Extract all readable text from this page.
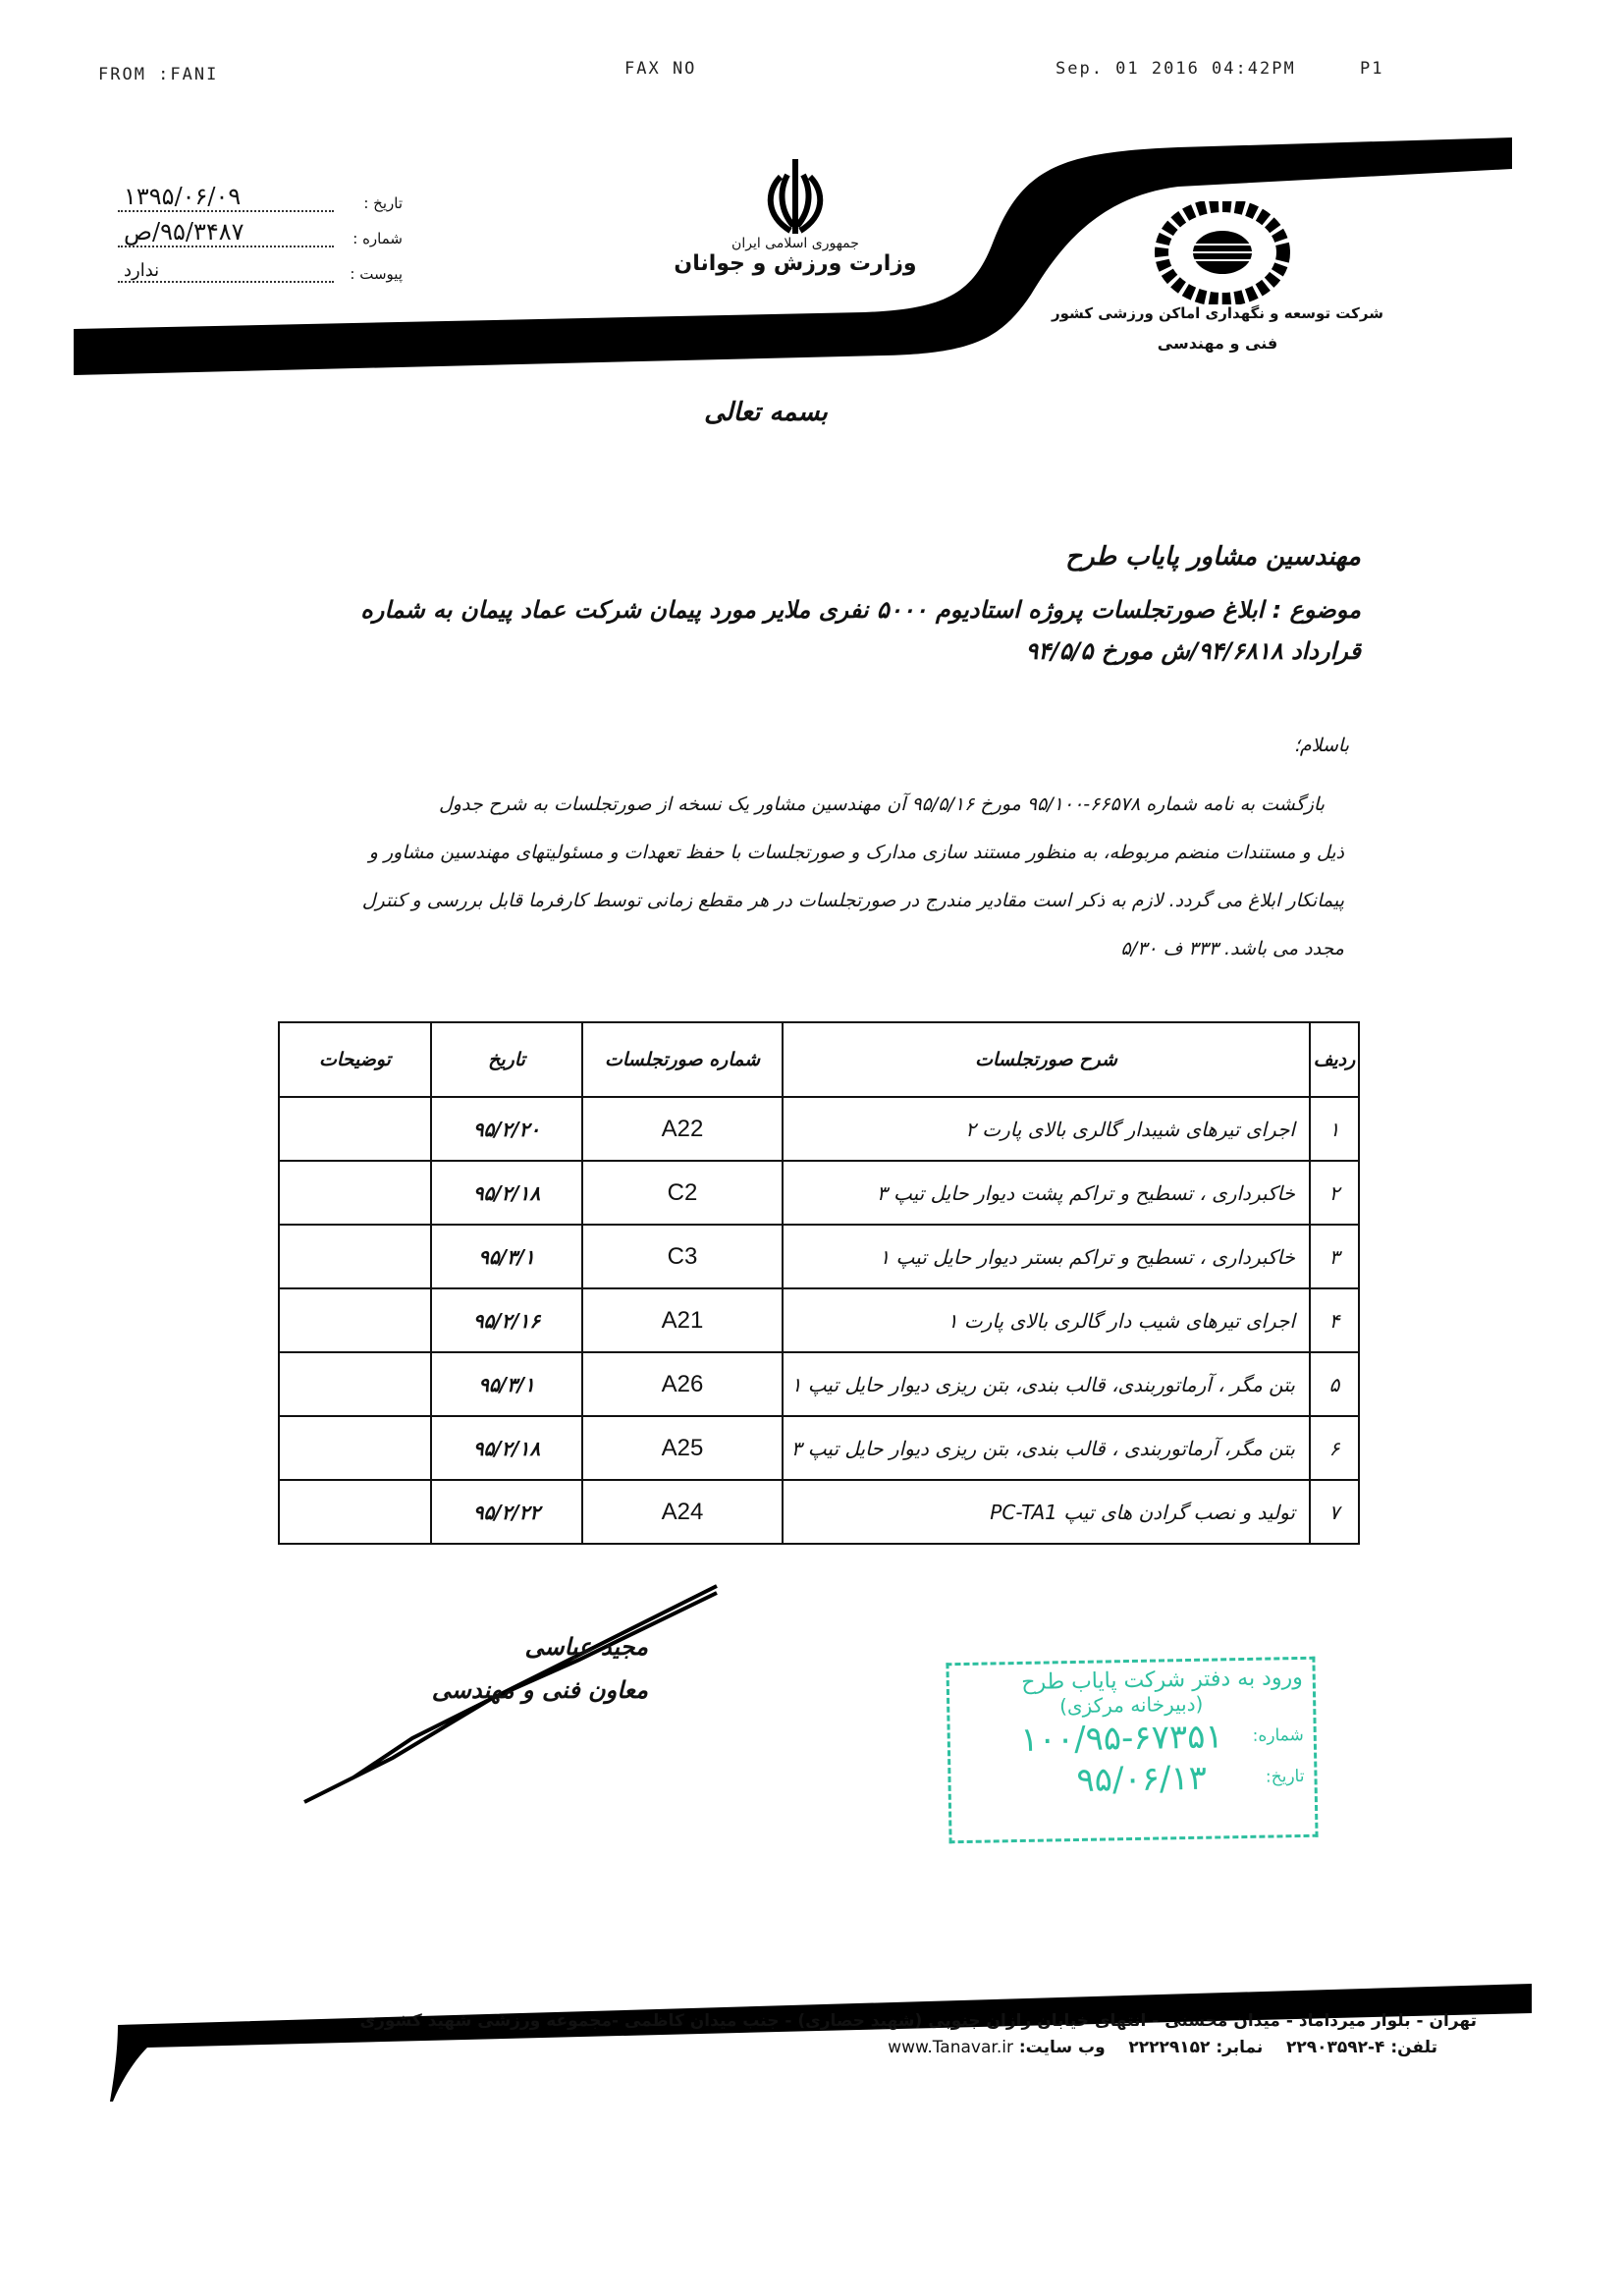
FROM :FANI	FAX NO	Sep. 01 2016 04:42PM	P1
تاریخ :
۱۳۹۵/۰۶/۰۹
شماره :
۹۵/۳۴۸۷/ص
پیوست :
ندارد
جمهوری اسلامی ایران
وزارت ورزش و جوانان
شرکت توسعه و نگهداری اماکن ورزشی کشور
فنی و مهندسی
بسمه تعالی
مهندسین مشاور پایاب طرح
موضوع : ابلاغ صورتجلسات پروژه استادیوم ۵۰۰۰ نفری ملایر مورد پیمان شرکت عماد پیمان به شماره
قرارداد ۹۴/۶۸۱۸/ش مورخ ۹۴/۵/۵
باسلام؛
بازگشت به نامه شماره ۶۶۵۷۸-۹۵/۱۰۰ مورخ ۹۵/۵/۱۶ آن مهندسین مشاور یک نسخه از صورتجلسات به شرح جدول
ذیل و مستندات منضم مربوطه، به منظور مستند سازی مدارک و صورتجلسات با حفظ تعهدات و مسئولیتهای مهندسین مشاور و
پیمانکار ابلاغ می گردد. لازم به ذکر است مقادیر مندرج در صورتجلسات در هر مقطع زمانی توسط کارفرما قابل بررسی و کنترل
مجدد می باشد. ۳۳۳ ف ۵/۳۰
ردیف	شرح صورتجلسات	شماره صورتجلسات	تاریخ	توضیحات
۱	اجرای تیرهای شیبدار گالری بالای پارت ۲	A22	۹۵/۲/۲۰	
۲	خاکبرداری ، تسطیح و تراکم پشت دیوار حایل تیپ ۳	C2	۹۵/۲/۱۸	
۳	خاکبرداری ، تسطیح و تراکم بستر دیوار حایل تیپ ۱	C3	۹۵/۳/۱	
۴	اجرای تیرهای شیب دار گالری بالای پارت ۱	A21	۹۵/۲/۱۶	
۵	بتن مگر ، آرماتوربندی، قالب بندی، بتن ریزی دیوار حایل تیپ ۱	A26	۹۵/۳/۱	
۶	بتن مگر، آرماتوربندی ، قالب بندی، بتن ریزی دیوار حایل تیپ ۳	A25	۹۵/۲/۱۸	
۷	تولید و نصب گرادن های تیپ PC-TA1	A24	۹۵/۲/۲۲	
مجید عباسی
معاون فنی و مهندسی	ورود به دفتر شرکت پایاب طرح
(دبیرخانه مرکزی)
شماره:
۱۰۰/۹۵-۶۷۳۵۱
تاریخ:
۹۵/۰۶/۱۳
تهران - بلوار میرداماد - میدان محسنی - انتهای خیابان رازان جنوبی (شهید حصاری) - جنب میدان کاظمی -مجموعه ورزشی شهید کشوری
تلفن: ۴-۲۲۹۰۳۵۹۲    نمابر: ۲۲۲۲۹۱۵۲    وب سایت: www.Tanavar.ir
